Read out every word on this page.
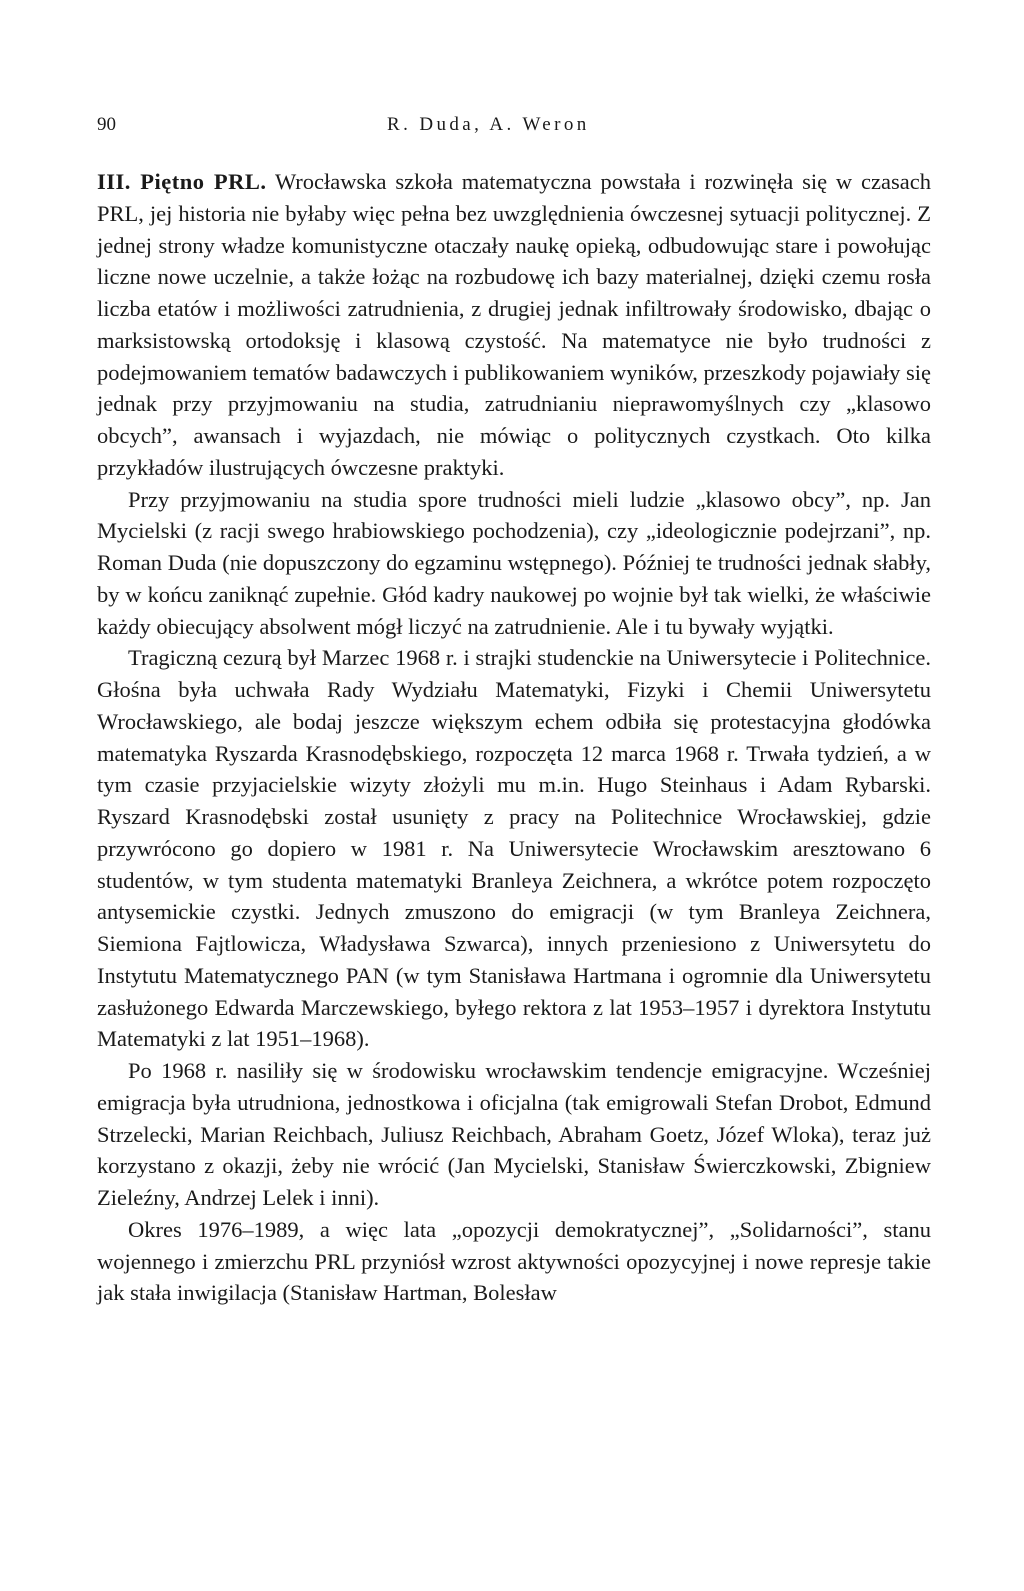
90	R. Duda, A. Weron

III. Piętno PRL. Wrocławska szkoła matematyczna powstała i rozwinęła się w czasach PRL, jej historia nie byłaby więc pełna bez uwzględnienia ówczesnej sytuacji politycznej. Z jednej strony władze komunistyczne otaczały naukę opieką, odbudowując stare i powołując liczne nowe uczelnie, a także łożąc na rozbudowę ich bazy materialnej, dzięki czemu rosła liczba etatów i możliwości zatrudnienia, z drugiej jednak infiltrowały środowisko, dbając o marksistowską ortodoksję i klasową czystość. Na matematyce nie było trudności z podejmowaniem tematów badawczych i publikowaniem wyników, przeszkody pojawiały się jednak przy przyjmowaniu na studia, zatrudnianiu nieprawomyślnych czy „klasowo obcych”, awansach i wyjazdach, nie mówiąc o politycznych czystkach. Oto kilka przykładów ilustrujących ówczesne praktyki.

Przy przyjmowaniu na studia spore trudności mieli ludzie „klasowo obcy”, np. Jan Mycielski (z racji swego hrabiowskiego pochodzenia), czy „ideologicznie podejrzani”, np. Roman Duda (nie dopuszczony do egzaminu wstępnego). Później te trudności jednak słabły, by w końcu zaniknąć zupełnie. Głód kadry naukowej po wojnie był tak wielki, że właściwie każdy obiecujący absolwent mógł liczyć na zatrudnienie. Ale i tu bywały wyjątki.

Tragiczną cezurą był Marzec 1968 r. i strajki studenckie na Uniwersytecie i Politechnice. Głośna była uchwała Rady Wydziału Matematyki, Fizyki i Chemii Uniwersytetu Wrocławskiego, ale bodaj jeszcze większym echem odbiła się protestacyjna głodówka matematyka Ryszarda Krasnodębskiego, rozpoczęta 12 marca 1968 r. Trwała tydzień, a w tym czasie przyjacielskie wizyty złożyli mu m.in. Hugo Steinhaus i Adam Rybarski. Ryszard Krasnodębski został usunięty z pracy na Politechnice Wrocławskiej, gdzie przywrócono go dopiero w 1981 r. Na Uniwersytecie Wrocławskim aresztowano 6 studentów, w tym studenta matematyki Branleya Zeichnera, a wkrótce potem rozpoczęto antysemickie czystki. Jednych zmuszono do emigracji (w tym Branleya Zeichnera, Siemiona Fajtlowicza, Władysława Szwarca), innych przeniesiono z Uniwersytetu do Instytutu Matematycznego PAN (w tym Stanisława Hartmana i ogromnie dla Uniwersytetu zasłużonego Edwarda Marczewskiego, byłego rektora z lat 1953–1957 i dyrektora Instytutu Matematyki z lat 1951–1968).

Po 1968 r. nasiliły się w środowisku wrocławskim tendencje emigracyjne. Wcześniej emigracja była utrudniona, jednostkowa i oficjalna (tak emigrowali Stefan Drobot, Edmund Strzelecki, Marian Reichbach, Juliusz Reichbach, Abraham Goetz, Józef Wloka), teraz już korzystano z okazji, żeby nie wrócić (Jan Mycielski, Stanisław Świerczkowski, Zbigniew Zieleźny, Andrzej Lelek i inni).

Okres 1976–1989, a więc lata „opozycji demokratycznej”, „Solidarności”, stanu wojennego i zmierzchu PRL przyniósł wzrost aktywności opozycyjnej i nowe represje takie jak stała inwigilacja (Stanisław Hartman, Bolesław
